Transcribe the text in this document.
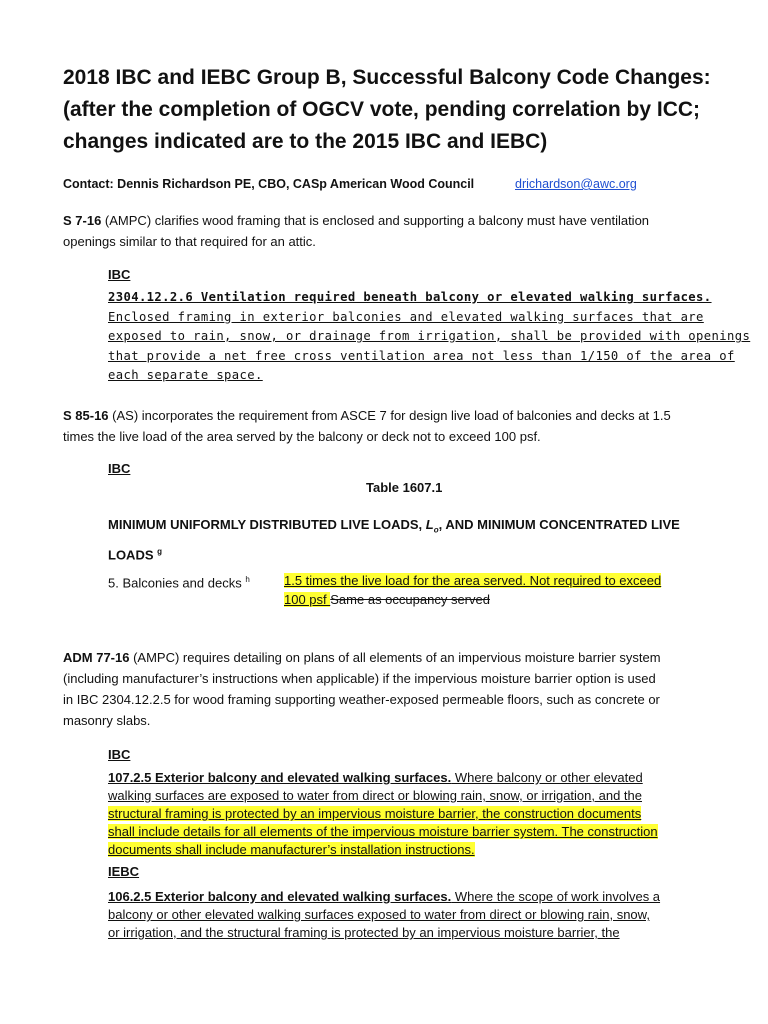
2018 IBC and IEBC Group B, Successful Balcony Code Changes:
(after the completion of OGCV vote, pending correlation by ICC;
changes indicated are to the 2015 IBC and IEBC)
Contact: Dennis Richardson PE, CBO, CASp American Wood Council	drichardson@awc.org
S 7-16 (AMPC) clarifies wood framing that is enclosed and supporting a balcony must have ventilation
openings similar to that required for an attic.
IBC
2304.12.2.6 Ventilation required beneath balcony or elevated walking surfaces.
Enclosed framing in exterior balconies and elevated walking surfaces that are
exposed to rain, snow, or drainage from irrigation, shall be provided with openings
that provide a net free cross ventilation area not less than 1/150 of the area of
each separate space.
S 85-16 (AS) incorporates the requirement from ASCE 7 for design live load of balconies and decks at 1.5
times the live load of the area served by the balcony or deck not to exceed 100 psf.
IBC
Table 1607.1
MINIMUM UNIFORMLY DISTRIBUTED LIVE LOADS, $L_o$, AND MINIMUM CONCENTRATED LIVE
LOADS $^g$
5. Balconies and decks $^h$	1.5 times the live load for the area served. Not required to exceed
100 psf Same as occupancy served
ADM 77-16 (AMPC) requires detailing on plans of all elements of an impervious moisture barrier system
(including manufacturer’s instructions when applicable) if the impervious moisture barrier option is used
in IBC 2304.12.2.5 for wood framing supporting weather-exposed permeable floors, such as concrete or
masonry slabs.
IBC
107.2.5 Exterior balcony and elevated walking surfaces. Where balcony or other elevated
walking surfaces are exposed to water from direct or blowing rain, snow, or irrigation, and the
structural framing is protected by an impervious moisture barrier, the construction documents
shall include details for all elements of the impervious moisture barrier system. The construction
documents shall include manufacturer’s installation instructions.
IEBC
106.2.5 Exterior balcony and elevated walking surfaces. Where the scope of work involves a
balcony or other elevated walking surfaces exposed to water from direct or blowing rain, snow,
or irrigation, and the structural framing is protected by an impervious moisture barrier, the
